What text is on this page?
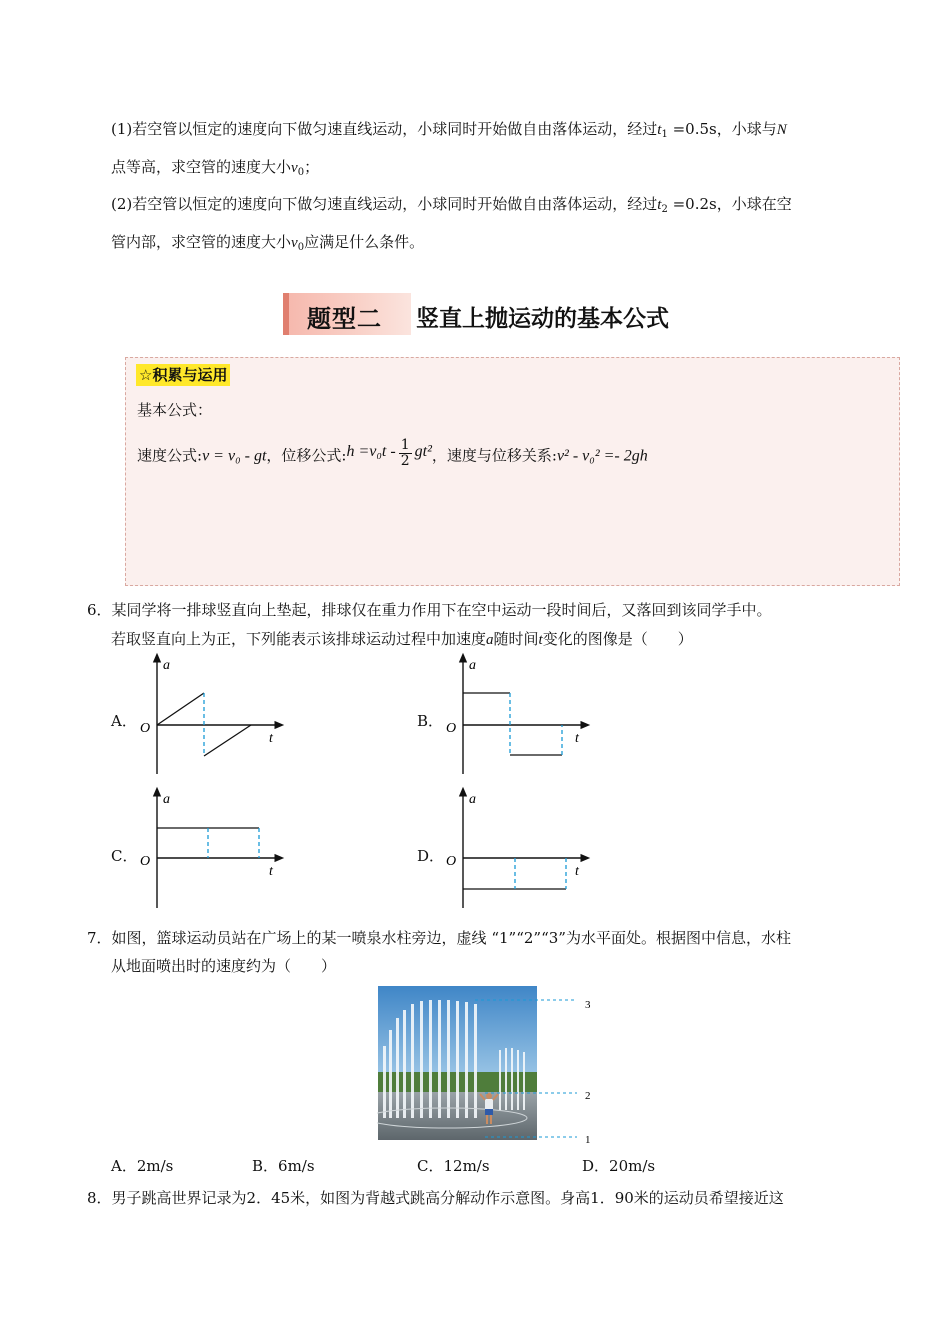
(1)若空管以恒定的速度向下做匀速直线运动，小球同时开始做自由落体运动，经过$t_1 =0.5s$，小球与N
点等高，求空管的速度大小$v_0$；
(2)若空管以恒定的速度向下做匀速直线运动，小球同时开始做自由落体运动，经过$t_2 =0.2s$，小球在空
管内部，求空管的速度大小$v_0$应满足什么条件。
题型二 竖直上抛运动的基本公式
☆积累与运用
基本公式：
速度公式:v = v₀ - gt，位移公式:h $=v_0t - \frac{1}{2} gt^2$，速度与位移关系:v² - v₀² =- 2gh
6．某同学将一排球竖直向上垫起，排球仅在重力作用下在空中运动一段时间后，又落回到该同学手中。
若取竖直向上为正，下列能表示该排球运动过程中加速度a随时间t变化的图像是（　　）
A．	B．
C．	D．
a
t
O
a
t
O
a
t
O
a
t
O
7．如图，篮球运动员站在广场上的某一喷泉水柱旁边，虚线 “1”“2”“3”为水平面处。根据图中信息，水柱
从地面喷出时的速度约为（　　）
3
2
1
A．2m/s	B．6m/s	C．12m/s	D．20m/s
8．男子跳高世界记录为2．45米，如图为背越式跳高分解动作示意图。身高1．90米的运动员希望接近这
